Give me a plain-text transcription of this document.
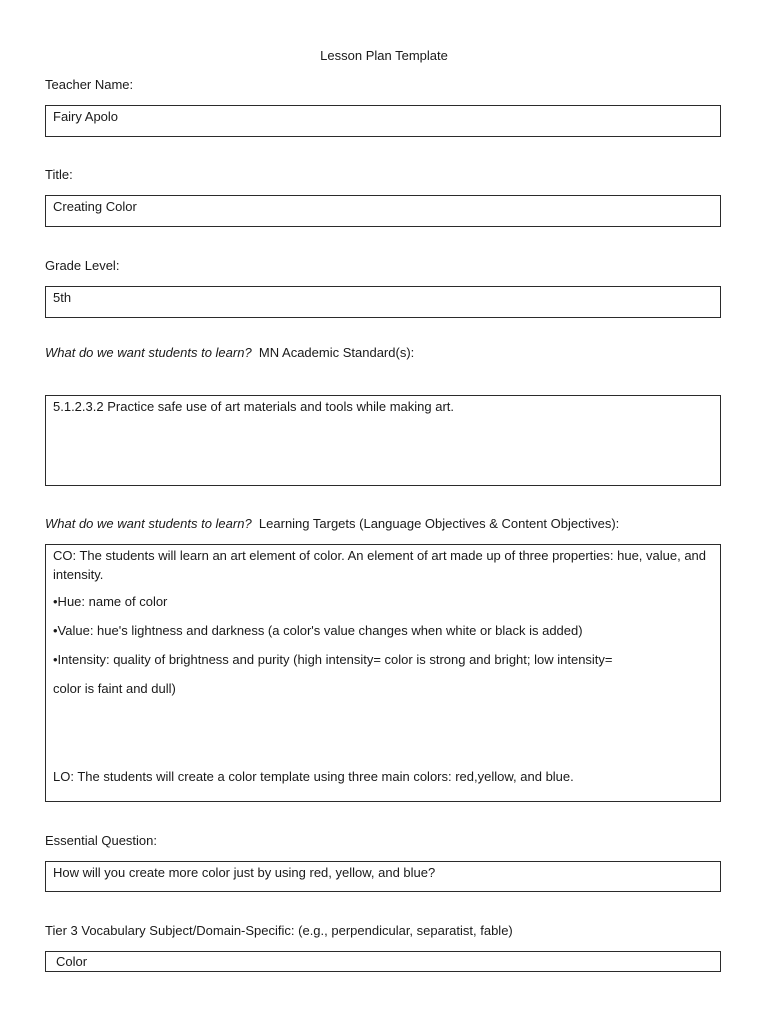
Lesson Plan Template
Teacher Name:

Fairy Apolo

Title:

Creating Color

Grade Level:

5th

What do we want students to learn? MN Academic Standard(s):

5.1.2.3.2 Practice safe use of art materials and tools while making art.

What do we want students to learn? Learning Targets (Language Objectives & Content Objectives):

CO: The students will learn an art element of color. An element of art made up of three properties: hue, value, and intensity.

•Hue: name of color

•Value: hue's lightness and darkness (a color's value changes when white or black is added)

•Intensity: quality of brightness and purity (high intensity= color is strong and bright; low intensity=

color is faint and dull)

LO: The students will create a color template using three main colors: red,yellow, and blue.

Essential Question:

How will you create more color just by using red, yellow, and blue?

Tier 3 Vocabulary Subject/Domain-Specific: (e.g., perpendicular, separatist, fable)

Color
